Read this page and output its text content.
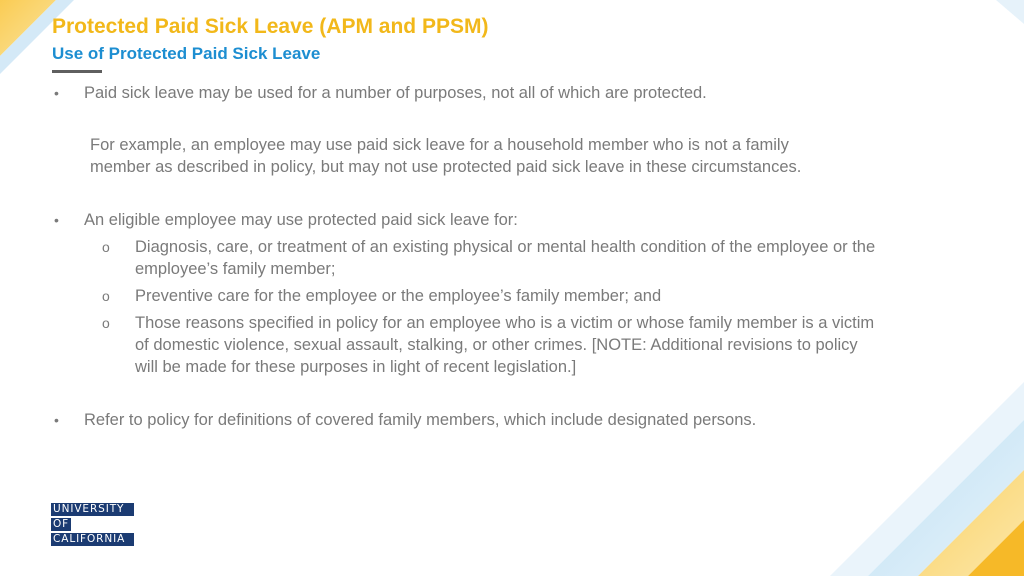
Protected Paid Sick Leave (APM and PPSM)
Use of Protected Paid Sick Leave
• Paid sick leave may be used for a number of purposes, not all of which are protected.
For example, an employee may use paid sick leave for a household member who is not a family member as described in policy, but may not use protected paid sick leave in these circumstances.
• An eligible employee may use protected paid sick leave for:
o Diagnosis, care, or treatment of an existing physical or mental health condition of the employee or the employee’s family member;
o Preventive care for the employee or the employee’s family member; and
o Those reasons specified in policy for an employee who is a victim or whose family member is a victim of domestic violence, sexual assault, stalking, or other crimes. [NOTE: Additional revisions to policy will be made for these purposes in light of recent legislation.]
• Refer to policy for definitions of covered family members, which include designated persons.
UNIVERSITY
OF
CALIFORNIA
